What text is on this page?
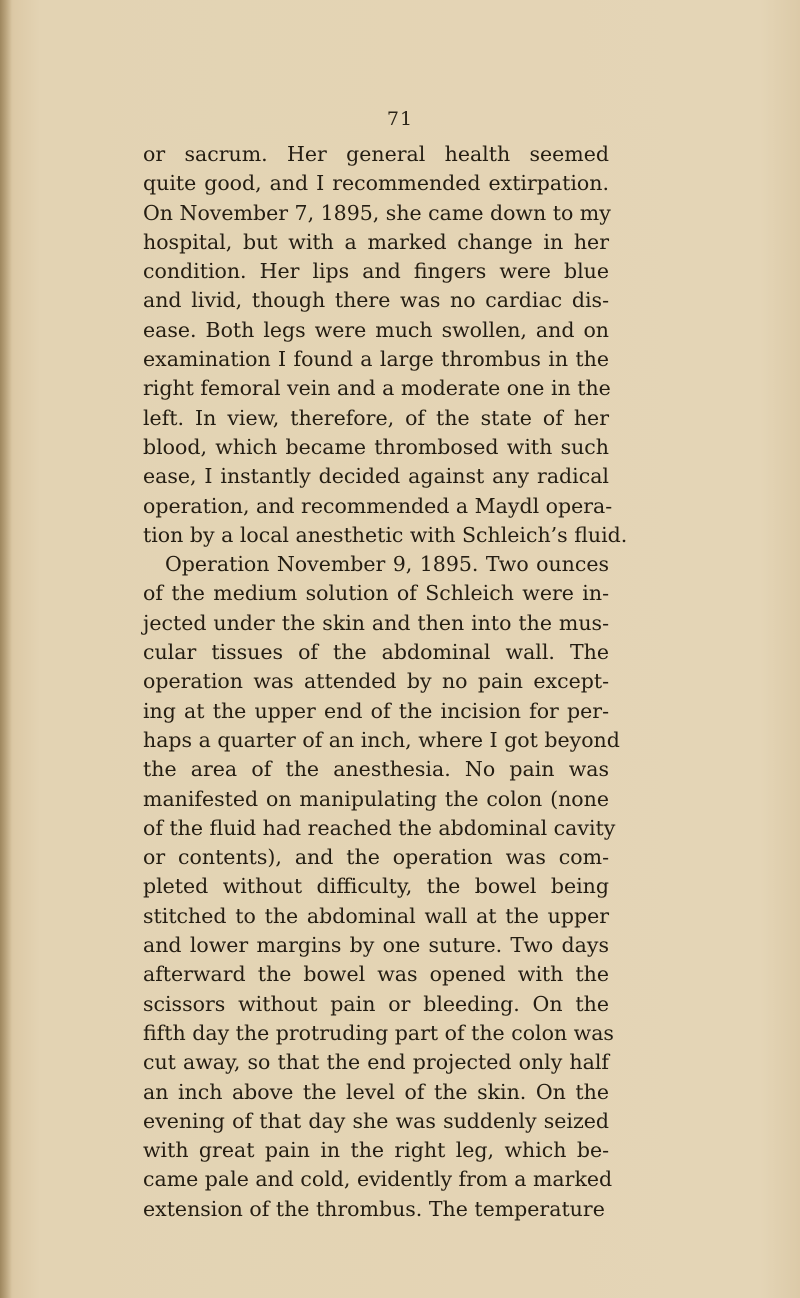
71
or sacrum. Her general health seemed
quite good, and I recommended extirpation.
On November 7, 1895, she came down to my
hospital, but with a marked change in her
condition. Her lips and fingers were blue
and livid, though there was no cardiac dis-
ease. Both legs were much swollen, and on
examination I found a large thrombus in the
right femoral vein and a moderate one in the
left. In view, therefore, of the state of her
blood, which became thrombosed with such
ease, I instantly decided against any radical
operation, and recommended a Maydl opera-
tion by a local anesthetic with Schleich’s fluid.
Operation November 9, 1895. Two ounces
of the medium solution of Schleich were in-
jected under the skin and then into the mus-
cular tissues of the abdominal wall. The
operation was attended by no pain except-
ing at the upper end of the incision for per-
haps a quarter of an inch, where I got beyond
the area of the anesthesia. No pain was
manifested on manipulating the colon (none
of the fluid had reached the abdominal cavity
or contents), and the operation was com-
pleted without difficulty, the bowel being
stitched to the abdominal wall at the upper
and lower margins by one suture. Two days
afterward the bowel was opened with the
scissors without pain or bleeding. On the
fifth day the protruding part of the colon was
cut away, so that the end projected only half
an inch above the level of the skin. On the
evening of that day she was suddenly seized
with great pain in the right leg, which be-
came pale and cold, evidently from a marked
extension of the thrombus. The temperature
